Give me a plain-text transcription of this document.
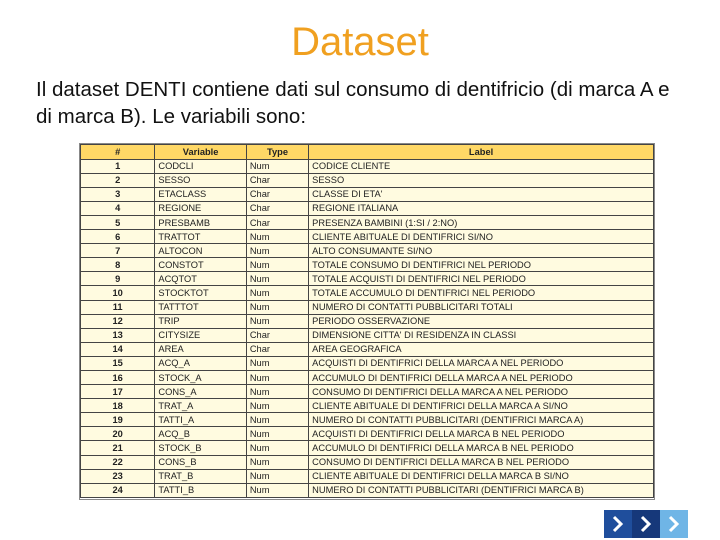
Dataset
Il dataset DENTI contiene dati sul consumo di dentifricio (di marca A e di marca B). Le variabili sono:
#	Variable	Type	Label
1	CODCLI	Num	CODICE CLIENTE
2	SESSO	Char	SESSO
3	ETACLASS	Char	CLASSE DI ETA'
4	REGIONE	Char	REGIONE ITALIANA
5	PRESBAMB	Char	PRESENZA BAMBINI (1:SI / 2:NO)
6	TRATTOT	Num	CLIENTE ABITUALE DI DENTIFRICI SI/NO
7	ALTOCON	Num	ALTO CONSUMANTE SI/NO
8	CONSTOT	Num	TOTALE CONSUMO DI DENTIFRICI NEL PERIODO
9	ACQTOT	Num	TOTALE ACQUISTI DI DENTIFRICI NEL PERIODO
10	STOCKTOT	Num	TOTALE ACCUMULO DI DENTIFRICI NEL PERIODO
11	TATTTOT	Num	NUMERO DI CONTATTI PUBBLICITARI TOTALI
12	TRIP	Num	PERIODO OSSERVAZIONE
13	CITYSIZE	Char	DIMENSIONE CITTA' DI RESIDENZA IN CLASSI
14	AREA	Char	AREA GEOGRAFICA
15	ACQ_A	Num	ACQUISTI DI DENTIFRICI DELLA MARCA A NEL PERIODO
16	STOCK_A	Num	ACCUMULO DI DENTIFRICI DELLA MARCA A NEL PERIODO
17	CONS_A	Num	CONSUMO DI DENTIFRICI DELLA MARCA A NEL PERIODO
18	TRAT_A	Num	CLIENTE ABITUALE DI DENTIFRICI DELLA MARCA A SI/NO
19	TATTI_A	Num	NUMERO DI CONTATTI PUBBLICITARI (DENTIFRICI MARCA A)
20	ACQ_B	Num	ACQUISTI DI DENTIFRICI DELLA MARCA B NEL PERIODO
21	STOCK_B	Num	ACCUMULO DI DENTIFRICI DELLA MARCA B NEL PERIODO
22	CONS_B	Num	CONSUMO DI DENTIFRICI DELLA MARCA B NEL PERIODO
23	TRAT_B	Num	CLIENTE ABITUALE DI DENTIFRICI DELLA MARCA B SI/NO
24	TATTI_B	Num	NUMERO DI CONTATTI PUBBLICITARI (DENTIFRICI MARCA B)
